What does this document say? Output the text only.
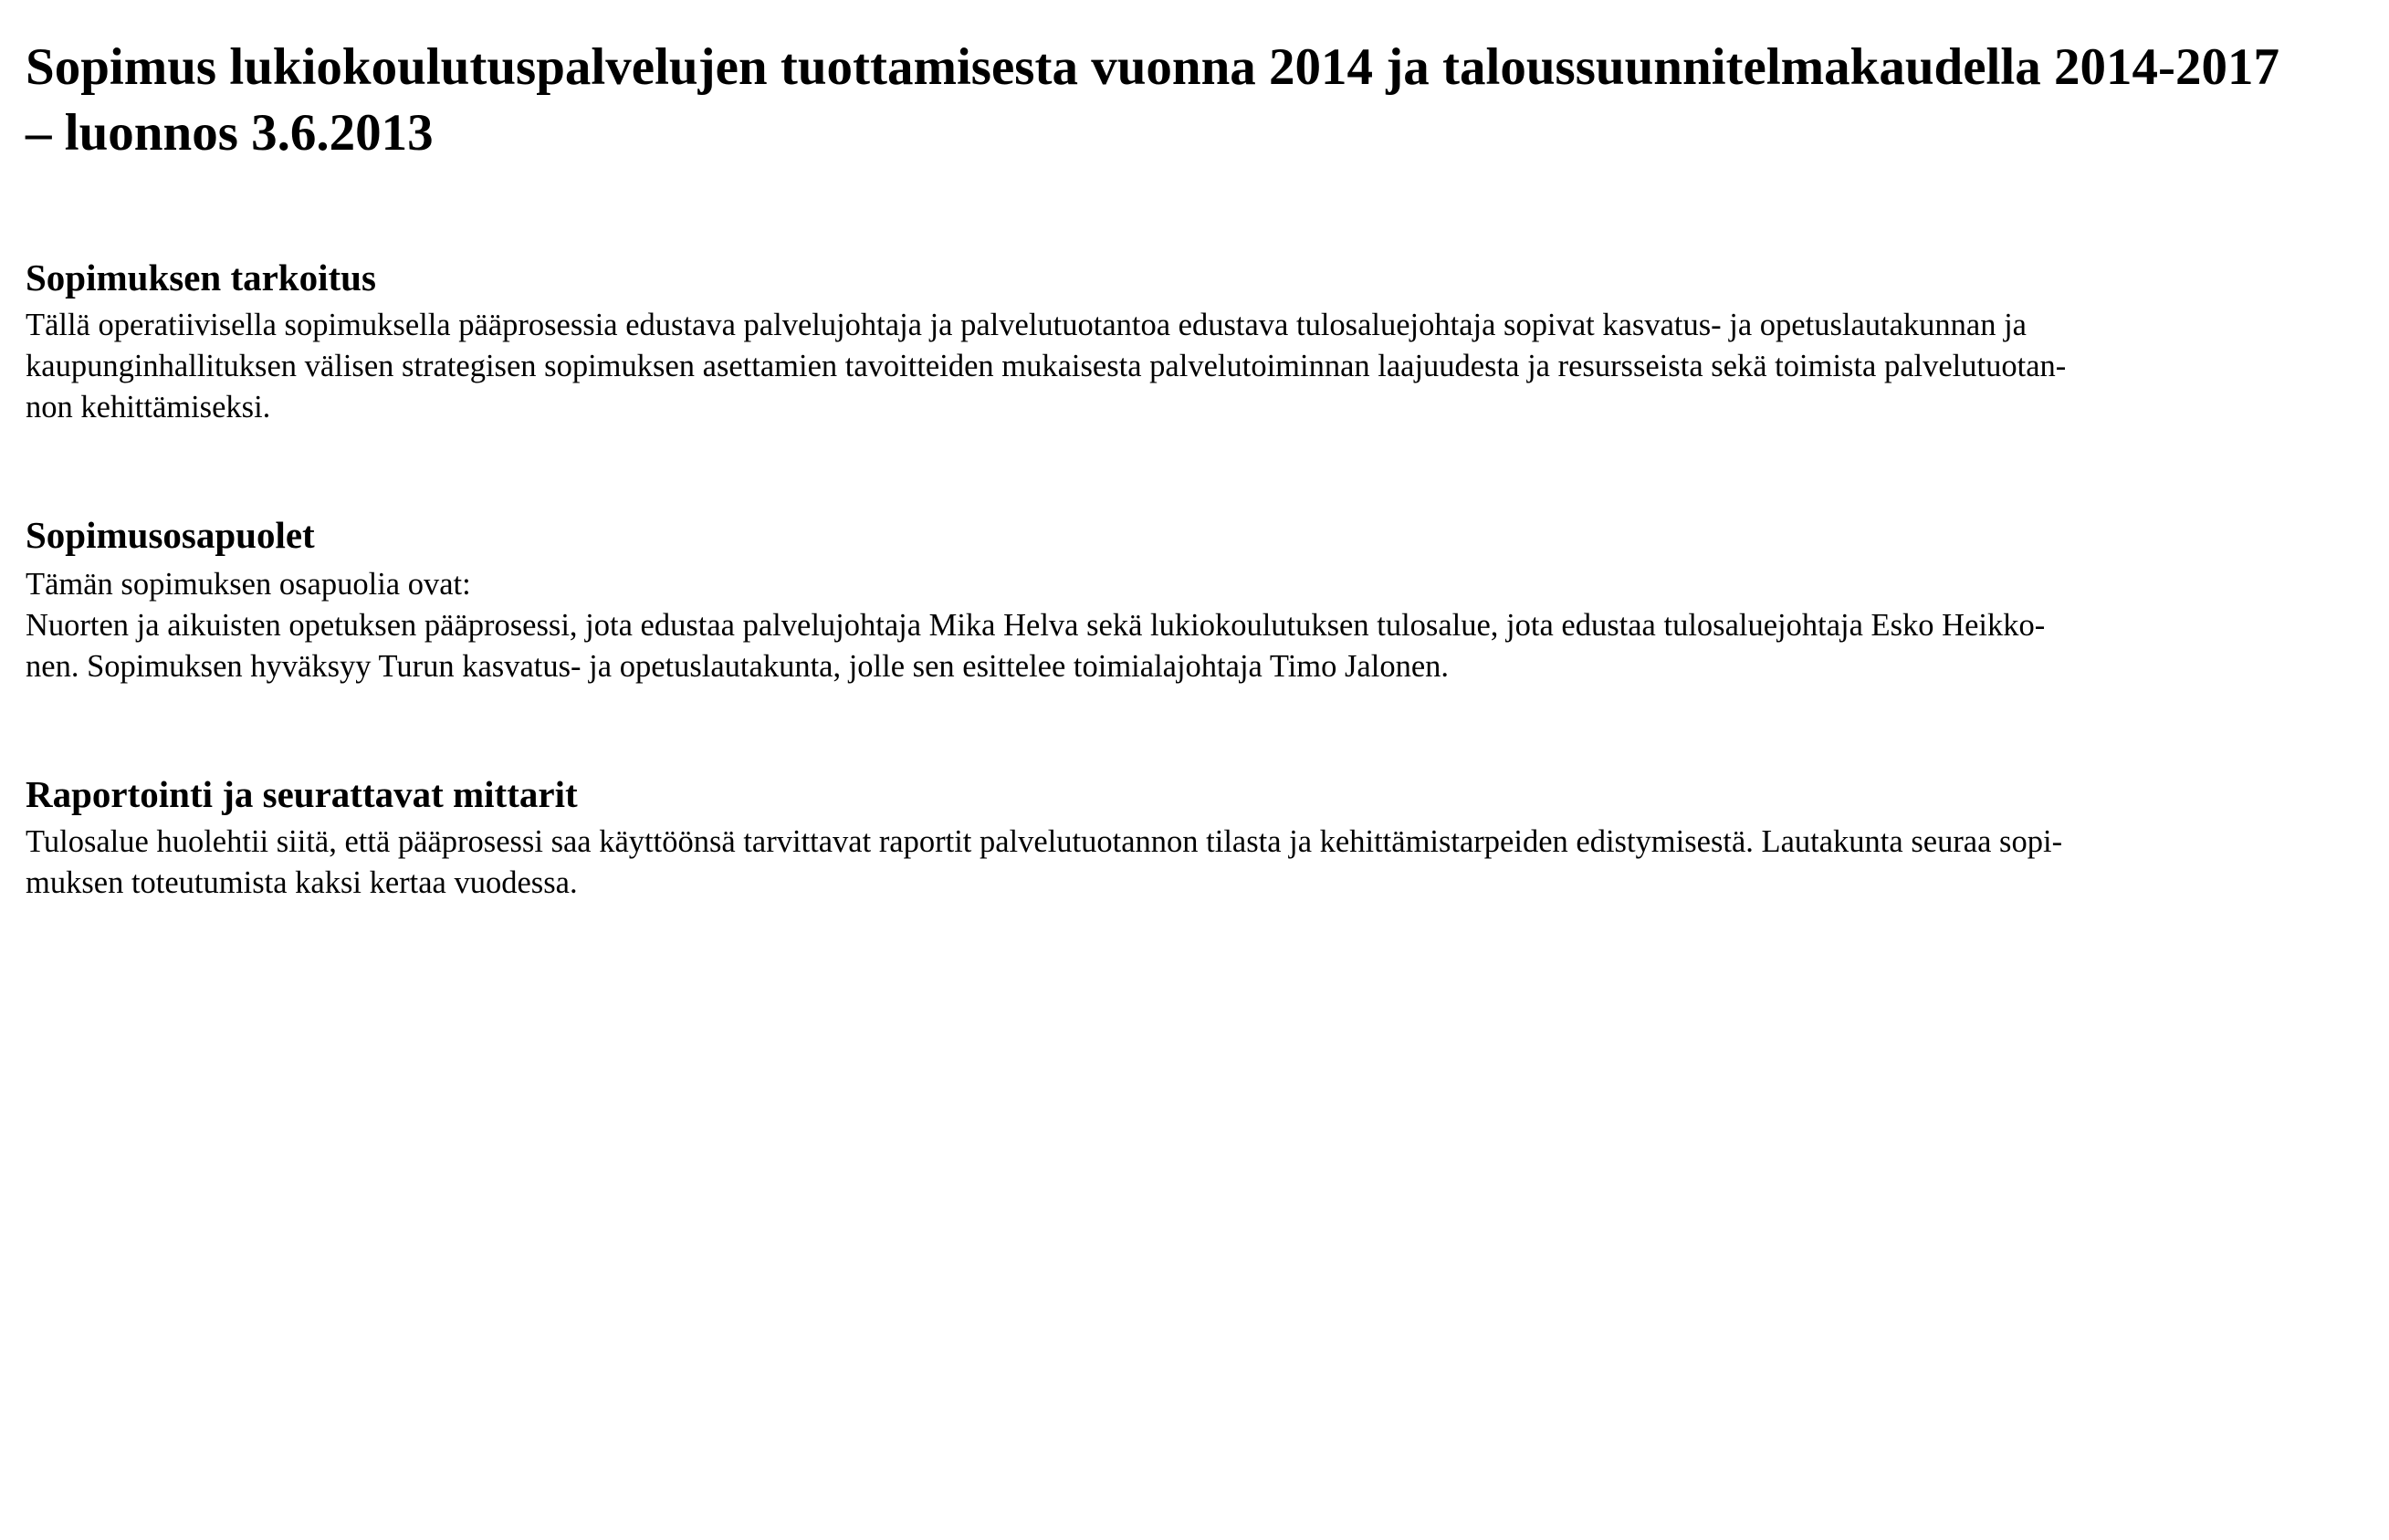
Sopimus lukiokoulutuspalvelujen tuottamisesta vuonna 2014 ja taloussuunnitelmakaudella 2014-2017
– luonnos 3.6.2013
Sopimuksen tarkoitus

Tällä operatiivisella sopimuksella pääprosessia edustava palvelujohtaja ja palvelutuotantoa edustava tulosaluejohtaja sopivat kasvatus- ja opetuslautakunnan ja
kaupunginhallituksen välisen strategisen sopimuksen asettamien tavoitteiden mukaisesta palvelutoiminnan laajuudesta ja resursseista sekä toimista palvelutuotan-
non kehittämiseksi.

Sopimusosapuolet

Tämän sopimuksen osapuolia ovat:
Nuorten ja aikuisten opetuksen pääprosessi, jota edustaa palvelujohtaja Mika Helva sekä lukiokoulutuksen tulosalue, jota edustaa tulosaluejohtaja Esko Heikko-
nen. Sopimuksen hyväksyy Turun kasvatus- ja opetuslautakunta, jolle sen esittelee toimialajohtaja Timo Jalonen.

Raportointi ja seurattavat mittarit

Tulosalue huolehtii siitä, että pääprosessi saa käyttöönsä tarvittavat raportit palvelutuotannon tilasta ja kehittämistarpeiden edistymisestä. Lautakunta seuraa sopi-
muksen toteutumista kaksi kertaa vuodessa.
